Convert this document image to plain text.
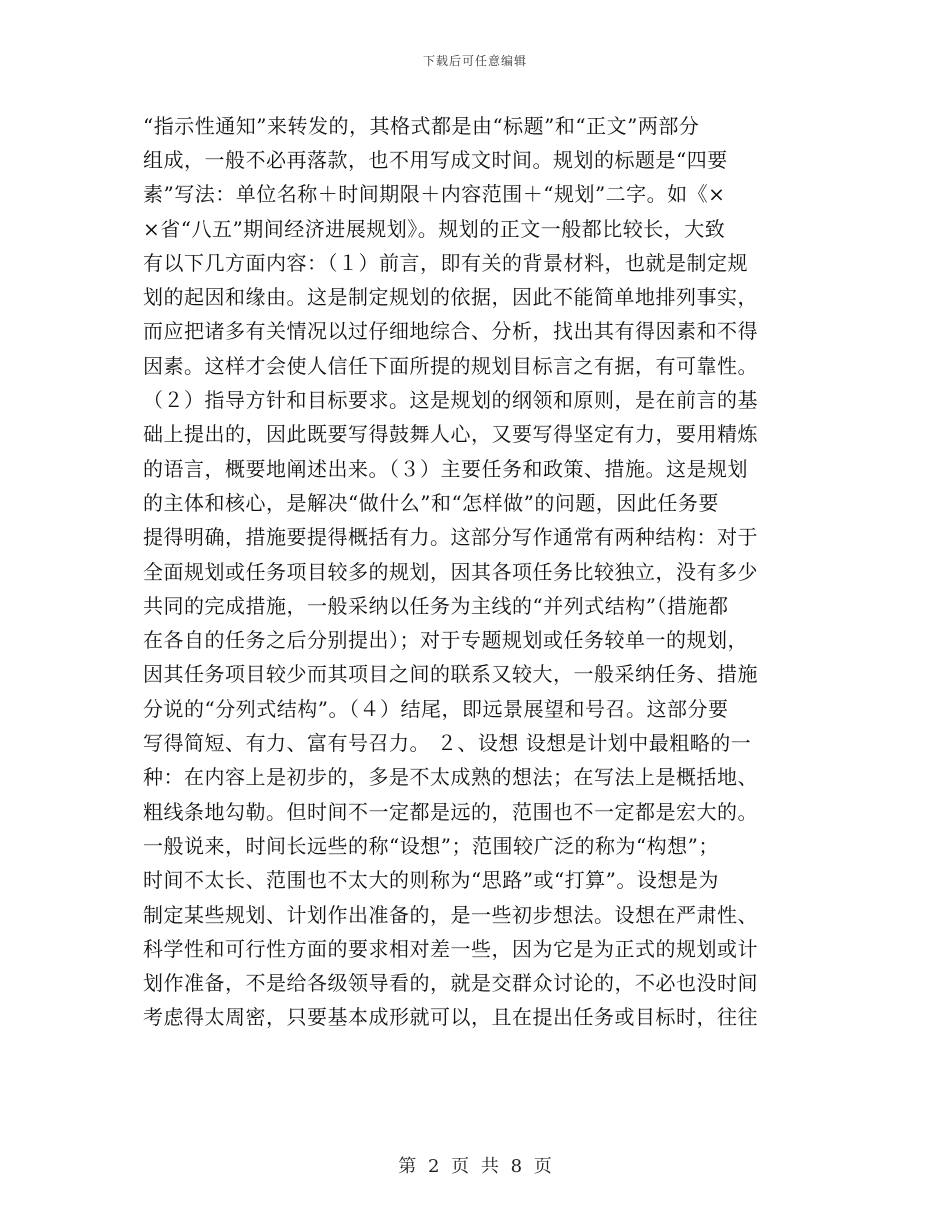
下载后可任意编辑
“指示性通知”来转发的，其格式都是由“标题”和“正文”两部分
组成，一般不必再落款，也不用写成文时间。规划的标题是“四要
素”写法：单位名称＋时间期限＋内容范围＋“规划”二字。如《×
×省“八五”期间经济进展规划》。规划的正文一般都比较长，大致
有以下几方面内容：（１）前言，即有关的背景材料，也就是制定规
划的起因和缘由。这是制定规划的依据，因此不能简单地排列事实，
而应把诸多有关情况以过仔细地综合、分析，找出其有得因素和不得
因素。这样才会使人信任下面所提的规划目标言之有据，有可靠性。
（２）指导方针和目标要求。这是规划的纲领和原则，是在前言的基
础上提出的，因此既要写得鼓舞人心，又要写得坚定有力，要用精炼
的语言，概要地阐述出来。（３）主要任务和政策、措施。这是规划
的主体和核心，是解决“做什么”和“怎样做”的问题，因此任务要
提得明确，措施要提得概括有力。这部分写作通常有两种结构：对于
全面规划或任务项目较多的规划，因其各项任务比较独立，没有多少
共同的完成措施，一般采纳以任务为主线的“并列式结构”（措施都
在各自的任务之后分别提出）；对于专题规划或任务较单一的规划，
因其任务项目较少而其项目之间的联系又较大，一般采纳任务、措施
分说的“分列式结构”。（４）结尾，即远景展望和号召。这部分要
写得简短、有力、富有号召力。 ２、设想 设想是计划中最粗略的一
种：在内容上是初步的，多是不太成熟的想法；在写法上是概括地、
粗线条地勾勒。但时间不一定都是远的，范围也不一定都是宏大的。
一般说来，时间长远些的称“设想”；范围较广泛的称为“构想”；
时间不太长、范围也不太大的则称为“思路”或“打算”。设想是为
制定某些规划、计划作出准备的，是一些初步想法。设想在严肃性、
科学性和可行性方面的要求相对差一些，因为它是为正式的规划或计
划作准备，不是给各级领导看的，就是交群众讨论的，不必也没时间
考虑得太周密，只要基本成形就可以，且在提出任务或目标时，往往
第 2 页 共 8 页
